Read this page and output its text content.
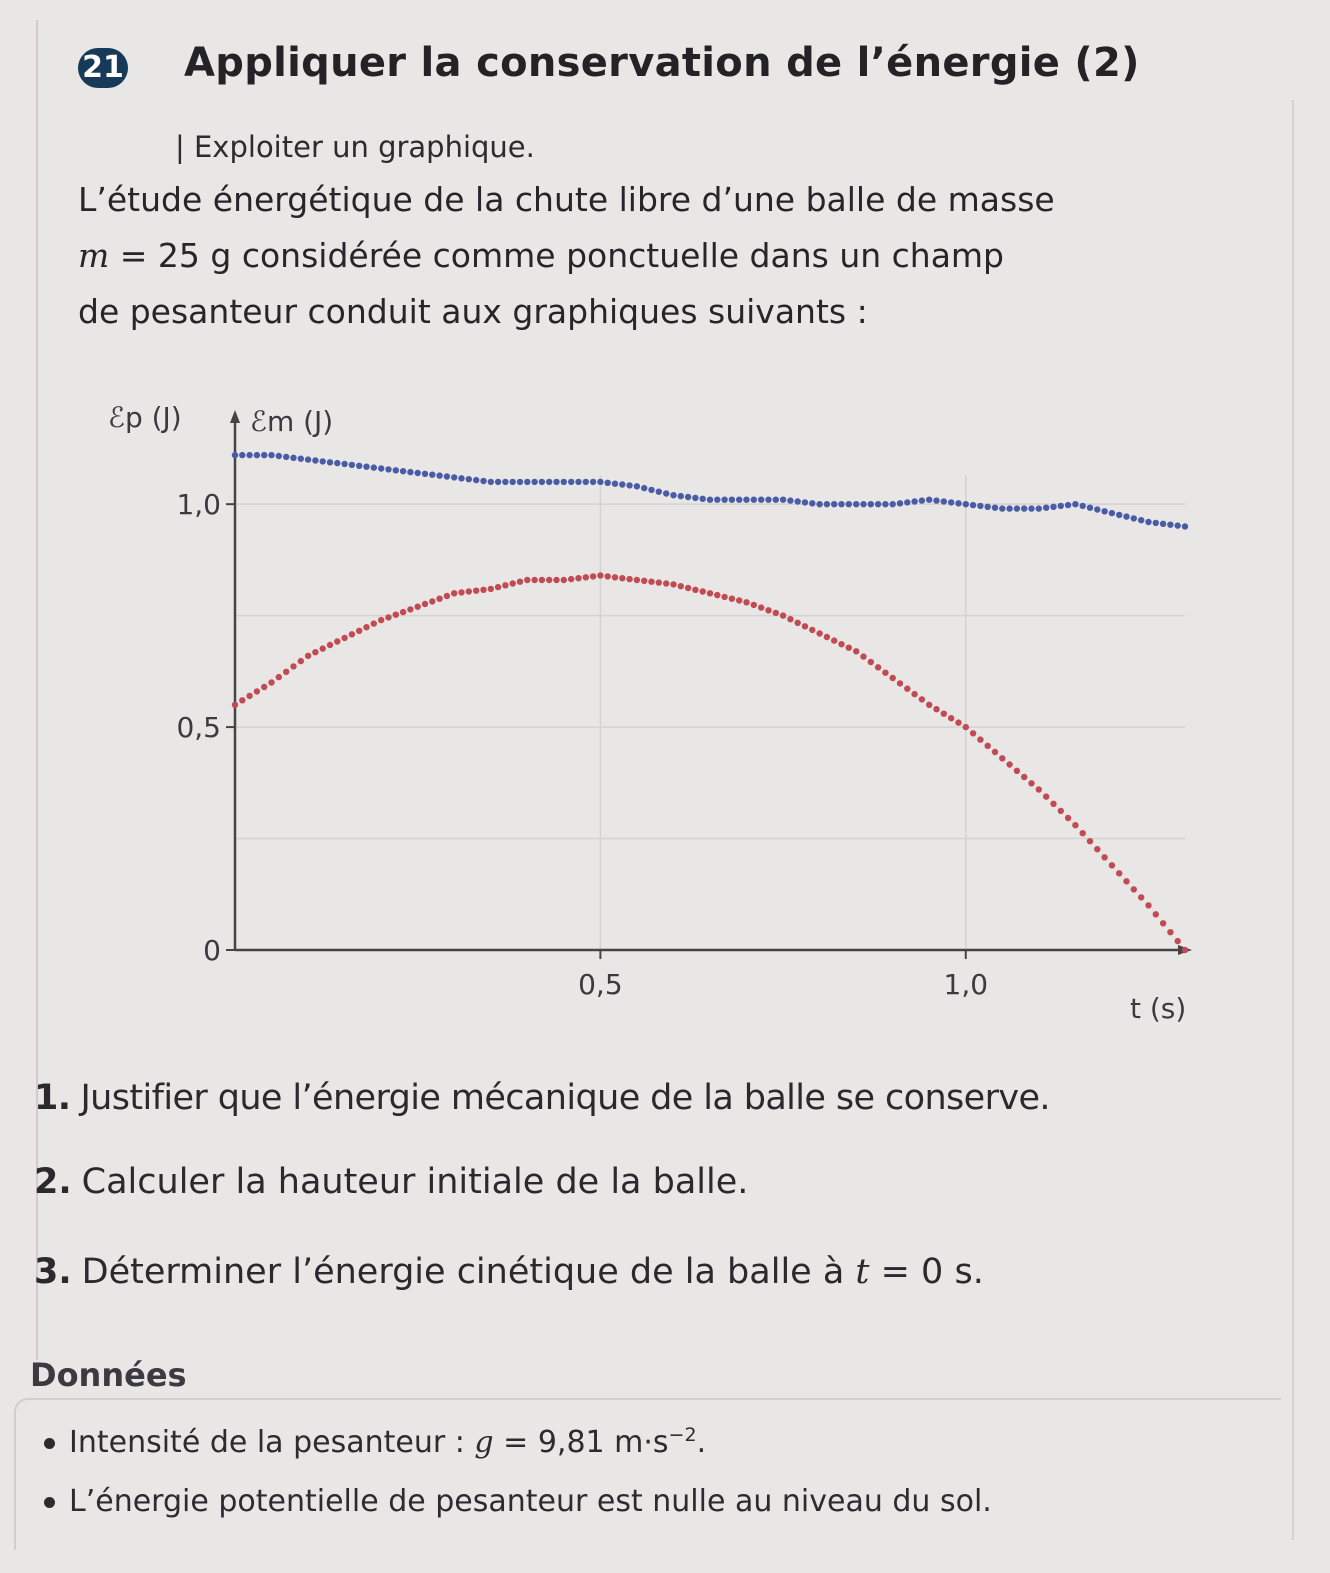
21 Appliquer la conservation de l’énergie (2)
| Exploiter un graphique.

L’étude énergétique de la chute libre d’une balle de masse

m = 25 g considérée comme ponctuelle dans un champ

de pesanteur conduit aux graphiques suivants :

1,0
0,5
0
0,5	1,0
ℰp (J) ℰm (J)
t (s)
1. Justifier que l’énergie mécanique de la balle se conserve.
2. Calculer la hauteur initiale de la balle.
3. Déterminer l’énergie cinétique de la balle à t = 0 s.
Données
Intensité de la pesanteur : g = 9,81 $m\cdot s^{-2}$.
L’énergie potentielle de pesanteur est nulle au niveau du sol.
